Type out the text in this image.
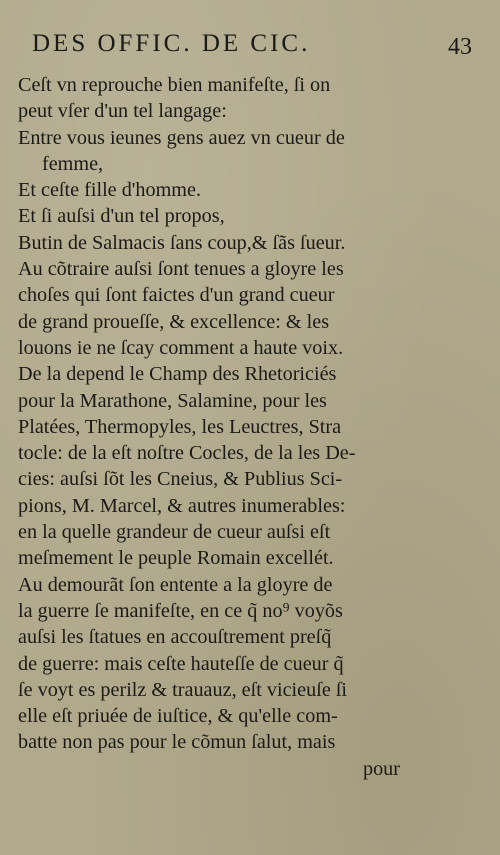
DES OFFIC. DE CIC.	43
Ceſt vn reprouche bien manifeſte, ſi on
peut vſer d'un tel langage:
Entre vous ieunes gens auez vn cueur de
femme,
Et ceſte fille d'homme.
Et ſi auſsi d'un tel propos,
Butin de Salmacis ſans coup,& ſãs ſueur.
Au cõtraire auſsi ſont tenues a gloyre les
choſes qui ſont faictes d'un grand cueur
de grand proueſſe, & excellence: & les
louons ie ne ſcay comment a haute voix.
De la depend le Champ des Rhetoriciés
pour la Marathone, Salamine, pour les
Platées, Thermopyles, les Leuctres, Stra
tocle: de la eſt noſtre Cocles, de la les De-
cies: auſsi ſõt les Cneius, & Publius Sci-
pions, M. Marcel, & autres inumerables:
en la quelle grandeur de cueur auſsi eſt
meſmement le peuple Romain excellét.
Au demourãt ſon entente a la gloyre de
la guerre ſe manifeſte, en ce q̃ no⁹ voyõs
auſsi les ſtatues en accouſtrement preſq̃
de guerre: mais ceſte hauteſſe de cueur q̃
ſe voyt es perilz & trauauz, eſt vicieuſe ſi
elle eſt priuée de iuſtice, & qu'elle com-
batte non pas pour le cõmun ſalut, mais
pour
